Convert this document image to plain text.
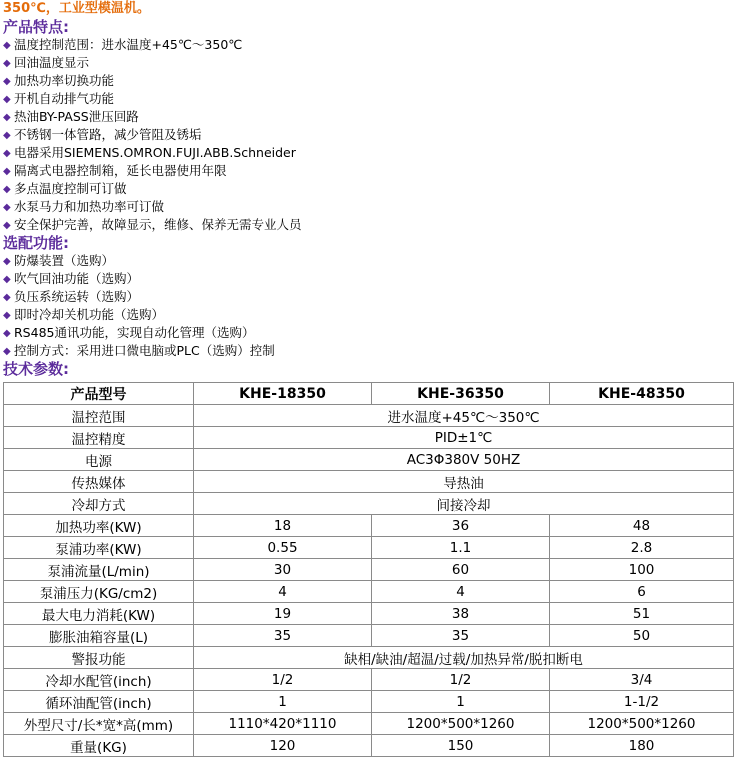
350℃，工业型模温机。
产品特点:
◆ 温度控制范围：进水温度+45℃～350℃
◆ 回油温度显示
◆ 加热功率切换功能
◆ 开机自动排气功能
◆ 热油BY-PASS泄压回路
◆ 不锈钢一体管路，减少管阻及锈垢
◆ 电器采用SIEMENS.OMRON.FUJI.ABB.Schneider
◆ 隔离式电器控制箱，延长电器使用年限
◆ 多点温度控制可订做
◆ 水泵马力和加热功率可订做
◆ 安全保护完善，故障显示，维修、保养无需专业人员
选配功能:
◆ 防爆装置（选购）
◆ 吹气回油功能（选购）
◆ 负压系统运转（选购）
◆ 即时冷却关机功能（选购）
◆ RS485通讯功能，实现自动化管理（选购）
◆ 控制方式：采用进口微电脑或PLC（选购）控制
技术参数:
产品型号	KHE-18350	KHE-36350	KHE-48350
温控范围	进水温度+45℃～350℃		
温控精度	PID±1℃		
电源	AC3Φ380V 50HZ		
传热媒体	导热油		
冷却方式	间接冷却		
加热功率(KW)	18	36	48
泵浦功率(KW)	0.55	1.1	2.8
泵浦流量(L/min)	30	60	100
泵浦压力(KG/cm2)	4	4	6
最大电力消耗(KW)	19	38	51
膨胀油箱容量(L)	35	35	50
警报功能	缺相/缺油/超温/过载/加热异常/脱扣断电		
冷却水配管(inch)	1/2	1/2	3/4
循环油配管(inch)	1	1	1-1/2
外型尺寸/长*宽*高(mm)	1110*420*1110	1200*500*1260	1200*500*1260
重量(KG)	120	150	180
